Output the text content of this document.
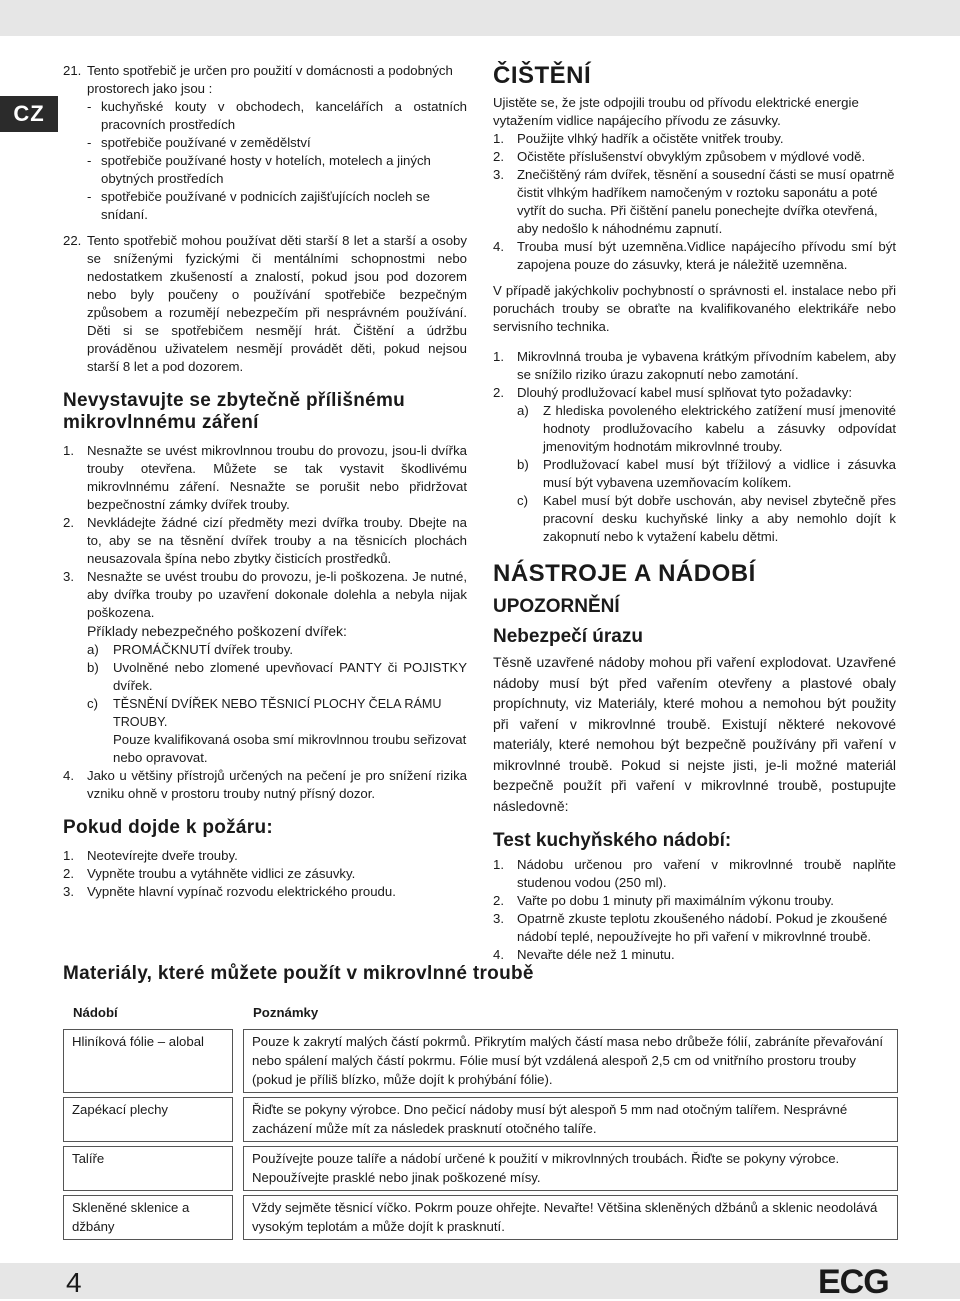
CZ
21. Tento spotřebič je určen pro použití v domácnosti a podobných prostorech jako jsou :
- kuchyňské kouty v obchodech, kancelářích a ostatních pracovních prostředích
- spotřebiče používané v zemědělství
- spotřebiče používané hosty v hotelích, motelech a jiných obytných prostředích
- spotřebiče používané v podnicích zajišťujících nocleh se snídaní.
22. Tento spotřebič mohou používat děti starší 8 let a starší a osoby se sníženými fyzickými či mentálními schopnostmi nebo nedostatkem zkušeností a znalostí, pokud jsou pod dozorem nebo byly poučeny o používání spotřebiče bezpečným způsobem a rozumějí nebezpečím při nesprávném používání. Děti si se spotřebičem nesmějí hrát. Čištění a údržbu prováděnou uživatelem nesmějí provádět děti, pokud nejsou starší 8 let a pod dozorem.
Nevystavujte se zbytečně přílišnému mikrovlnnému záření
1. Nesnažte se uvést mikrovlnnou troubu do provozu, jsou-li dvířka trouby otevřena. Můžete se tak vystavit škodlivému mikrovlnnému záření. Nesnažte se porušit nebo přidržovat bezpečnostní zámky dvířek trouby.
2. Nevkládejte žádné cizí předměty mezi dvířka trouby. Dbejte na to, aby se na těsnění dvířek trouby a na těsnicích plochách neusazovala špína nebo zbytky čisticích prostředků.
3. Nesnažte se uvést troubu do provozu, je-li poškozena. Je nutné, aby dvířka trouby po uzavření dokonale dolehla a nebyla nijak poškozena.
Příklady nebezpečného poškození dvířek:
a)	PROMÁČKNUTÍ dvířek trouby.
b)	Uvolněné nebo zlomené upevňovací PANTY či POJISTKY dvířek.
c)	TĚSNĚNÍ DVÍŘEK NEBO TĚSNICÍ PLOCHY ČELA RÁMU TROUBY.
Pouze kvalifikovaná osoba smí mikrovlnnou troubu seřizovat nebo opravovat.
4. Jako u většiny přístrojů určených na pečení je pro snížení rizika vzniku ohně v prostoru trouby nutný přísný dozor.
Pokud dojde k požáru:
1. Neotevírejte dveře trouby.
2. Vypněte troubu a vytáhněte vidlici ze zásuvky.
3. Vypněte hlavní vypínač rozvodu elektrického proudu.
ČIŠTĚNÍ
Ujistěte se, že jste odpojili troubu od přívodu elektrické energie vytažením vidlice napájecího přívodu ze zásuvky.
1. Použijte vlhký hadřík a očistěte vnitřek trouby.
2. Očistěte příslušenství obvyklým způsobem v mýdlové vodě.
3. Znečištěný rám dvířek, těsnění a sousední části se musí opatrně čistit vlhkým hadříkem namočeným v roztoku saponátu a poté vytřít do sucha. Při čištění panelu ponechejte dvířka otevřená, aby nedošlo k náhodnému zapnutí.
4. Trouba musí být uzemněna.Vidlice napájecího přívodu smí být zapojena pouze do zásuvky, která je náležitě uzemněna.
V případě jakýchkoliv pochybností o správnosti el. instalace nebo při poruchách trouby se obraťte na kvalifikovaného elektrikáře nebo servisního technika.
1. Mikrovlnná trouba je vybavena krátkým přívodním kabelem, aby se snížilo riziko úrazu zakopnutí nebo zamotání.
2. Dlouhý prodlužovací kabel musí splňovat tyto požadavky:
a)	Z hlediska povoleného elektrického zatížení musí jmenovité hodnoty prodlužovacího kabelu a zásuvky odpovídat jmenovitým hodnotám mikrovlnné trouby.
b)	Prodlužovací kabel musí být třížilový a vidlice i zásuvka musí být vybavena uzemňovacím kolíkem.
c)	Kabel musí být dobře uschován, aby nevisel zbytečně přes pracovní desku kuchyňské linky a aby nemohlo dojít k zakopnutí nebo k vytažení kabelu dětmi.
NÁSTROJE A NÁDOBÍ
UPOZORNĚNÍ
Nebezpečí úrazu
Těsně uzavřené nádoby mohou při vaření explodovat. Uzavřené nádoby musí být před vařením otevřeny a plastové obaly propíchnuty, viz Materiály, které mohou a nemohou být použity při vaření v mikrovlnné troubě. Existují některé nekovové materiály, které nemohou být bezpečně používány při vaření v mikrovlnné troubě. Pokud si nejste jisti, je-li možné materiál bezpečně použít při vaření v mikrovlnné troubě, postupujte následovně:
Test kuchyňského nádobí:
1. Nádobu určenou pro vaření v mikrovlnné troubě naplňte studenou vodou (250 ml).
2. Vařte po dobu 1 minuty při maximálním výkonu trouby.
3. Opatrně zkuste teplotu zkoušeného nádobí. Pokud je zkoušené nádobí teplé, nepoužívejte ho při vaření v mikrovlnné troubě.
4. Nevařte déle než 1 minutu.
Materiály, které můžete použít v mikrovlnné troubě
Nádobí		Poznámky
Hliníková fólie – alobal		Pouze k zakrytí malých částí pokrmů. Přikrytím malých částí masa nebo drůbeže fólií, zabráníte převařování nebo spálení malých částí pokrmu. Fólie musí být vzdálená alespoň 2,5 cm od vnitřního prostoru trouby (pokud je příliš blízko, může dojít k prohýbání fólie).
Zapékací plechy		Řiďte se pokyny výrobce. Dno pečicí nádoby musí být alespoň 5 mm nad otočným talířem. Nesprávné zacházení může mít za následek prasknutí otočného talíře.
Talíře		Používejte pouze talíře a nádobí určené k použití v mikrovlnných troubách. Řiďte se pokyny výrobce. Nepoužívejte prasklé nebo jinak poškozené mísy.
Skleněné sklenice a džbány		Vždy sejměte těsnicí víčko. Pokrm pouze ohřejte. Nevařte! Většina skleněných džbánů a sklenic neodolává vysokým teplotám a může dojít k prasknutí.
4	ECG
